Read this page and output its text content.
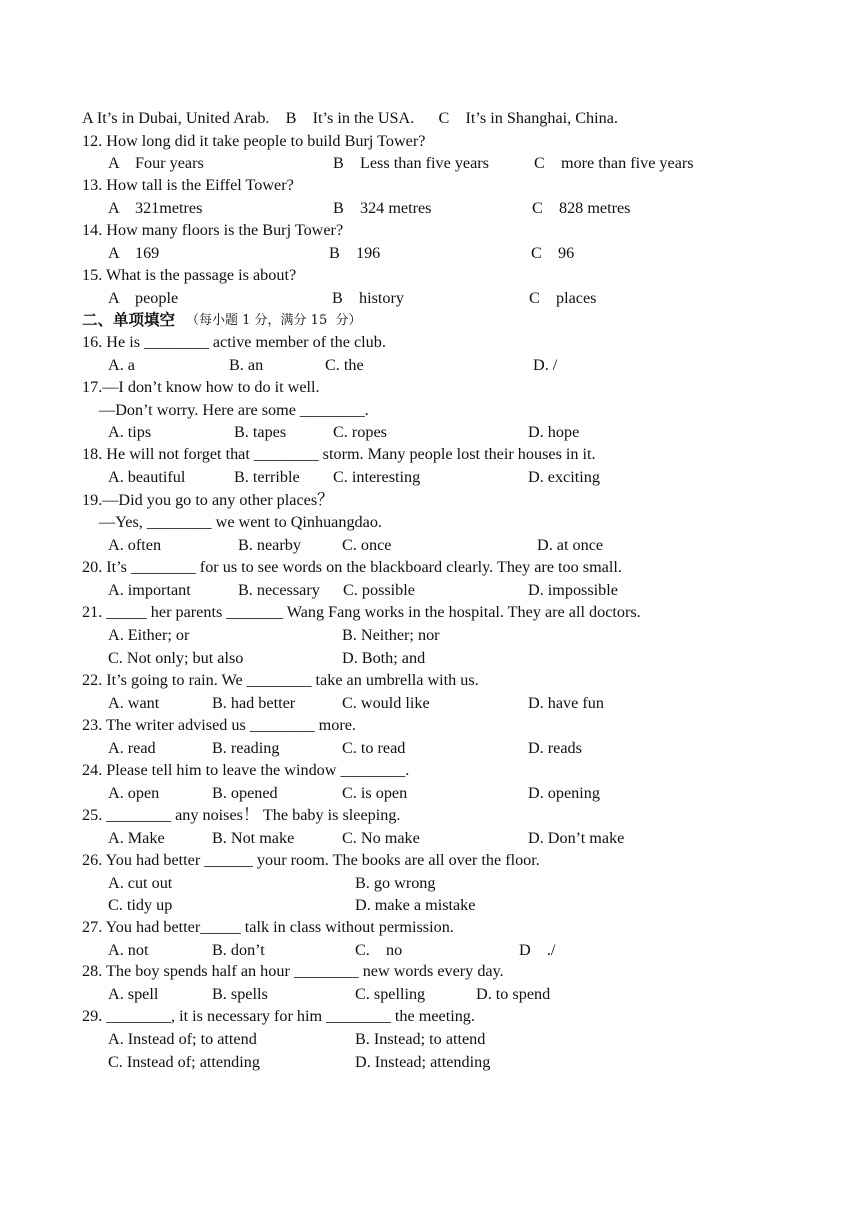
A It’s in Dubai, United Arab.    B    It’s in the USA.      C    It’s in Shanghai, China.
12. How long did it take people to build Burj Tower?
A    Four years	B    Less than five years	C    more than five years
13. How tall is the Eiffel Tower?
A    321metres	B    324 metres	C    828 metres
14. How many floors is the Burj Tower?
A    169	B    196	C    96
15. What is the passage is about?
A    people	B    history	C    places
二、单项填空 （每小题 1 分，满分 15  分）
16. He is ________ active member of the club.
A. a	B. an	C. the	D. /
17.—I don’t know how to do it well.
—Don’t worry. Here are some ________.
A. tips	B. tapes	C. ropes	D. hope
18. He will not forget that ________ storm. Many people lost their houses in it.
A. beautiful	B. terrible C. interesting	D. exciting
19.—Did you go to any other places？
—Yes, ________ we went to Qinhuangdao.
A. often	B. nearby	C. once	D. at once
20. It’s ________ for us to see words on the blackboard clearly. They are too small.
A. important	B. necessary C. possible	D. impossible
21. _____ her parents _______ Wang Fang works in the hospital. They are all doctors.
A. Either; or	B. Neither; nor
C. Not only; but also	D. Both; and
22. It’s going to rain. We ________ take an umbrella with us.
A. want	B. had better	C. would like	D. have fun
23. The writer advised us ________ more.
A. read	B. reading	C. to read	D. reads
24. Please tell him to leave the window ________.
A. open	B. opened	C. is open	D. opening
25. ________ any noises！ The baby is sleeping.
A. Make	B. Not make	C. No make	D. Don’t make
26. You had better ______ your room. The books are all over the floor.
A. cut out	B. go wrong
C. tidy up	D. make a mistake
27. You had better_____ talk in class without permission.
A. not	B. don’t	C.    no	D    ./
28. The boy spends half an hour ________ new words every day.
A. spell	B. spells	C. spelling	D. to spend
29. ________, it is necessary for him ________ the meeting.
A. Instead of; to attend	B. Instead; to attend
C. Instead of; attending	D. Instead; attending
